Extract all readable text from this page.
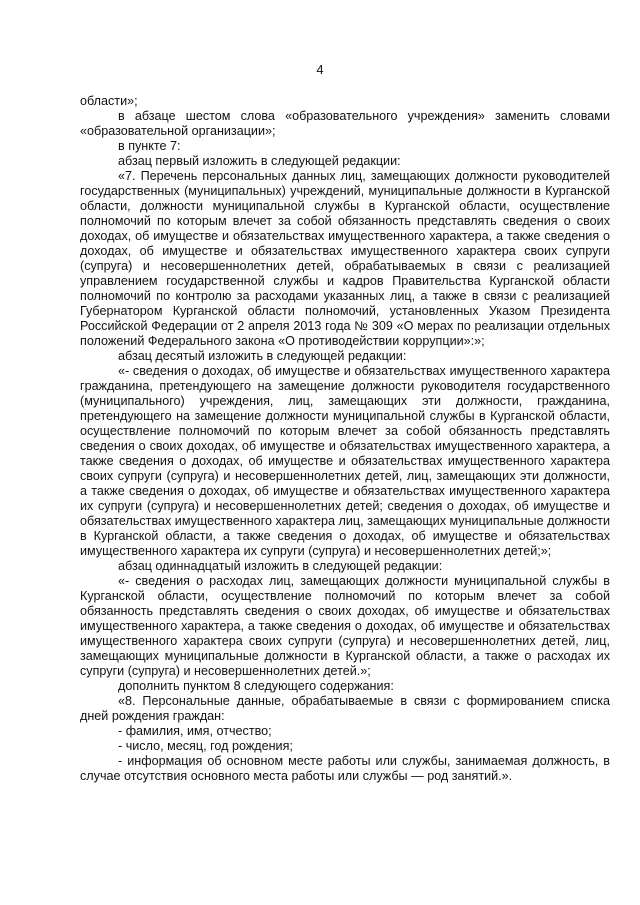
4

области»;

в абзаце шестом слова «образовательного учреждения» заменить словами «образовательной организации»;

в пункте 7:

абзац первый изложить в следующей редакции:

«7. Перечень персональных данных лиц, замещающих должности руководителей государственных (муниципальных) учреждений, муниципальные должности в Курганской области, должности муниципальной службы в Курганской области, осуществление полномочий по которым влечет за собой обязанность представлять сведения о своих доходах, об имуществе и обязательствах имущественного характера, а также сведения о доходах, об имуществе и обязательствах имущественного характера своих супруги (супруга) и несовершеннолетних детей, обрабатываемых в связи с реализацией управлением государственной службы и кадров Правительства Курганской области полномочий по контролю за расходами указанных лиц, а также в связи с реализацией Губернатором Курганской области полномочий, установленных Указом Президента Российской Федерации от 2 апреля 2013 года № 309 «О мерах по реализации отдельных положений Федерального закона «О противодействии коррупции»:»;

абзац десятый изложить в следующей редакции:

«- сведения о доходах, об имуществе и обязательствах имущественного характера гражданина, претендующего на замещение должности руководителя государственного (муниципального) учреждения, лиц, замещающих эти должности, гражданина, претендующего на замещение должности муниципальной службы в Курганской области, осуществление полномочий по которым влечет за собой обязанность представлять сведения о своих доходах, об имуществе и обязательствах имущественного характера, а также сведения о доходах, об имуществе и обязательствах имущественного характера своих супруги (супруга) и несовершеннолетних детей, лиц, замещающих эти должности, а также сведения о доходах, об имуществе и обязательствах имущественного характера их супруги (супруга) и несовершеннолетних детей; сведения о доходах, об имуществе и обязательствах имущественного характера лиц, замещающих муниципальные должности в Курганской области, а также сведения о доходах, об имуществе и обязательствах имущественного характера их супруги (супруга) и несовершеннолетних детей;»;

абзац одиннадцатый изложить в следующей редакции:

«- сведения о расходах лиц, замещающих должности муниципальной службы в Курганской области, осуществление полномочий по которым влечет за собой обязанность представлять сведения о своих доходах, об имуществе и обязательствах имущественного характера, а также сведения о доходах, об имуществе и обязательствах имущественного характера своих супруги (супруга) и несовершеннолетних детей, лиц, замещающих муниципальные должности в Курганской области, а также о расходах их супруги (супруга) и несовершеннолетних детей.»;

дополнить пунктом 8 следующего содержания:

«8. Персональные данные, обрабатываемые в связи с формированием списка дней рождения граждан:

- фамилия, имя, отчество;

- число, месяц, год рождения;

- информация об основном месте работы или службы, занимаемая должность, в случае отсутствия основного места работы или службы — род занятий.».
